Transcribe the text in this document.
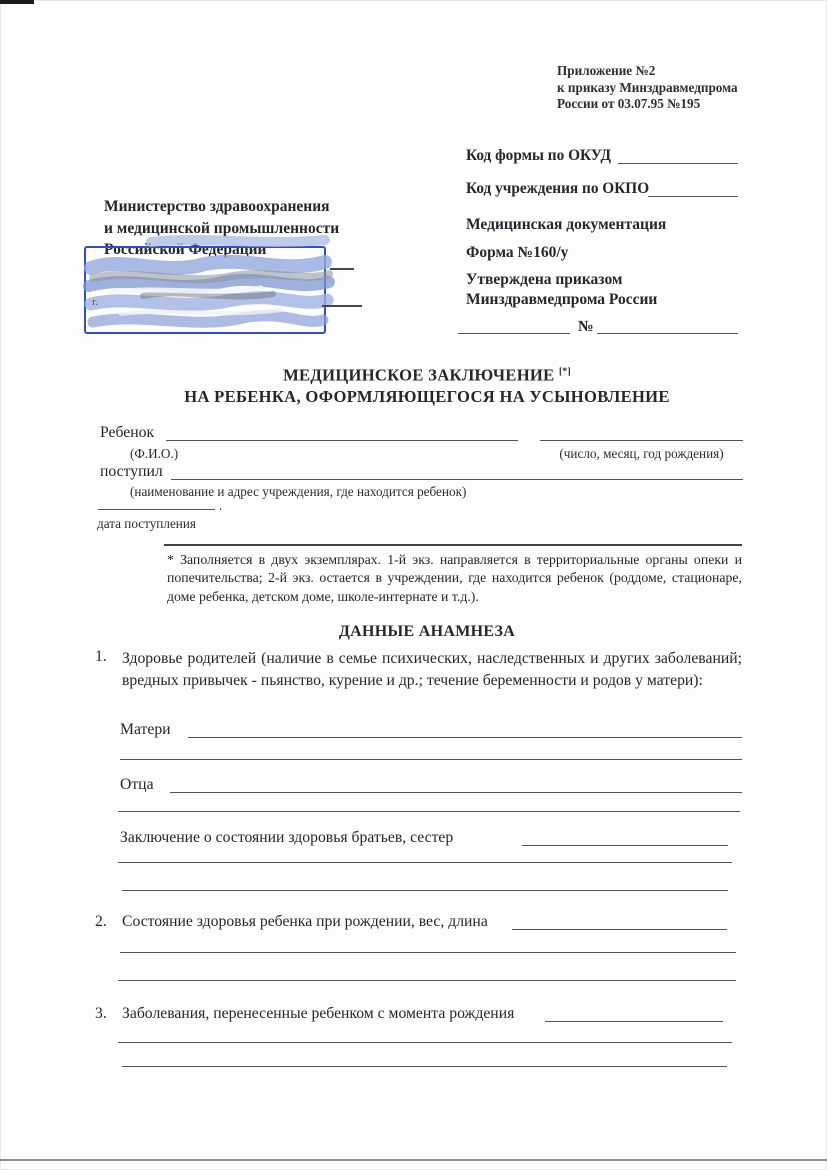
Приложение №2
к приказу Минздравмедпрома
России от 03.07.95 №195
Код формы по ОКУД
Код учреждения по ОКПО
Министерство здравоохранения
и медицинской промышленности
Российской Федерации
Медицинская документация
Форма №160/у
Утверждена приказом
Минздравмедпрома России
№
г.
МЕДИЦИНСКОЕ ЗАКЛЮЧЕНИЕ [*]
НА РЕБЕНКА, ОФОРМЛЯЮЩЕГОСЯ НА УСЫНОВЛЕНИЕ
Ребенок
(Ф.И.О.)	(число, месяц, год рождения)
поступил
(наименование и адрес учреждения, где находится ребенок)
.
дата поступления
* Заполняется в двух экземплярах. 1-й экз. направляется в территориальные органы опеки и попечительства; 2-й экз. остается в учреждении, где находится ребенок (роддоме, стационаре, доме ребенка, детском доме, школе-интернате и т.д.).
ДАННЫЕ АНАМНЕЗА
1. Здоровье родителей (наличие в семье психических, наследственных и других заболеваний; вредных привычек - пьянство, курение и др.; течение беременности и родов у матери):
Матери
Отца
Заключение о состоянии здоровья братьев, сестер
2. Состояние здоровья ребенка при рождении, вес, длина
3. Заболевания, перенесенные ребенком с момента рождения
